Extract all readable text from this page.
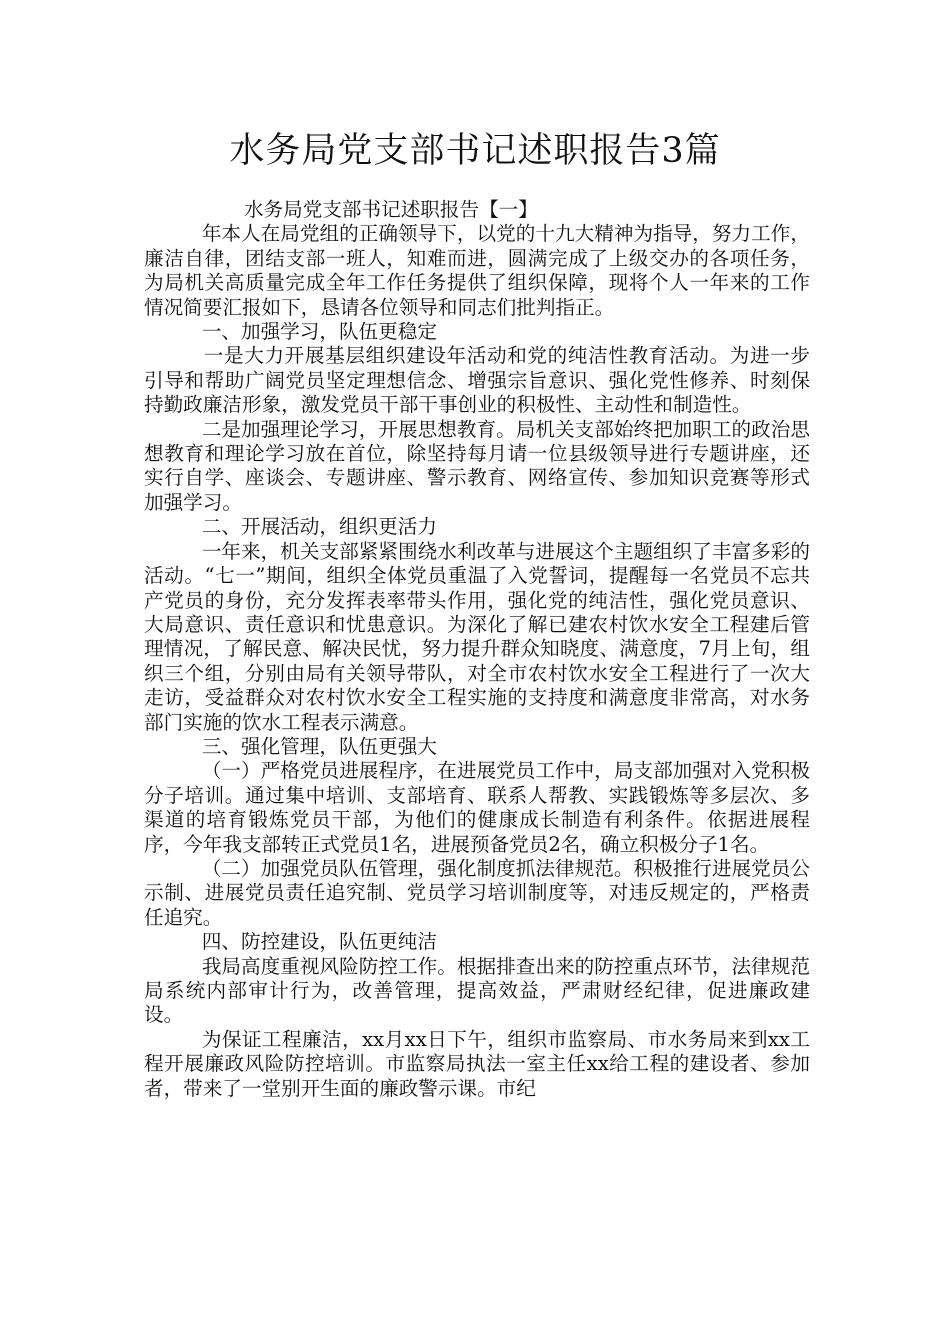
水务局党支部书记述职报告3篇

水务局党支部书记述职报告【一】

年本人在局党组的正确领导下，以党的十九大精神为指导，努力工作，廉洁自律，团结支部一班人，知难而进，圆满完成了上级交办的各项任务，为局机关高质量完成全年工作任务提供了组织保障，现将个人一年来的工作情况简要汇报如下，恳请各位领导和同志们批判指正。

一、加强学习，队伍更稳定

一是大力开展基层组织建设年活动和党的纯洁性教育活动。为进一步引导和帮助广阔党员坚定理想信念、增强宗旨意识、强化党性修养、时刻保持勤政廉洁形象，激发党员干部干事创业的积极性、主动性和制造性。

二是加强理论学习，开展思想教育。局机关支部始终把加职工的政治思想教育和理论学习放在首位，除坚持每月请一位县级领导进行专题讲座，还实行自学、座谈会、专题讲座、警示教育、网络宣传、参加知识竞赛等形式加强学习。

二、开展活动，组织更活力

一年来，机关支部紧紧围绕水利改革与进展这个主题组织了丰富多彩的活动。“七一”期间，组织全体党员重温了入党誓词，提醒每一名党员不忘共产党员的身份，充分发挥表率带头作用，强化党的纯洁性，强化党员意识、大局意识、责任意识和忧患意识。为深化了解已建农村饮水安全工程建后管理情况，了解民意、解决民忧，努力提升群众知晓度、满意度，7月上旬，组织三个组，分别由局有关领导带队，对全市农村饮水安全工程进行了一次大走访，受益群众对农村饮水安全工程实施的支持度和满意度非常高，对水务部门实施的饮水工程表示满意。

三、强化管理，队伍更强大

（一）严格党员进展程序，在进展党员工作中，局支部加强对入党积极分子培训。通过集中培训、支部培育、联系人帮教、实践锻炼等多层次、多渠道的培育锻炼党员干部，为他们的健康成长制造有利条件。依据进展程序，今年我支部转正式党员1名，进展预备党员2名，确立积极分子1名。

（二）加强党员队伍管理，强化制度抓法律规范。积极推行进展党员公示制、进展党员责任追究制、党员学习培训制度等，对违反规定的，严格责任追究。

四、防控建设，队伍更纯洁

我局高度重视风险防控工作。根据排查出来的防控重点环节，法律规范局系统内部审计行为，改善管理，提高效益，严肃财经纪律，促进廉政建设。

为保证工程廉洁，xx月xx日下午，组织市监察局、市水务局来到xx工程开展廉政风险防控培训。市监察局执法一室主任xx给工程的建设者、参加者，带来了一堂别开生面的廉政警示课。市纪
